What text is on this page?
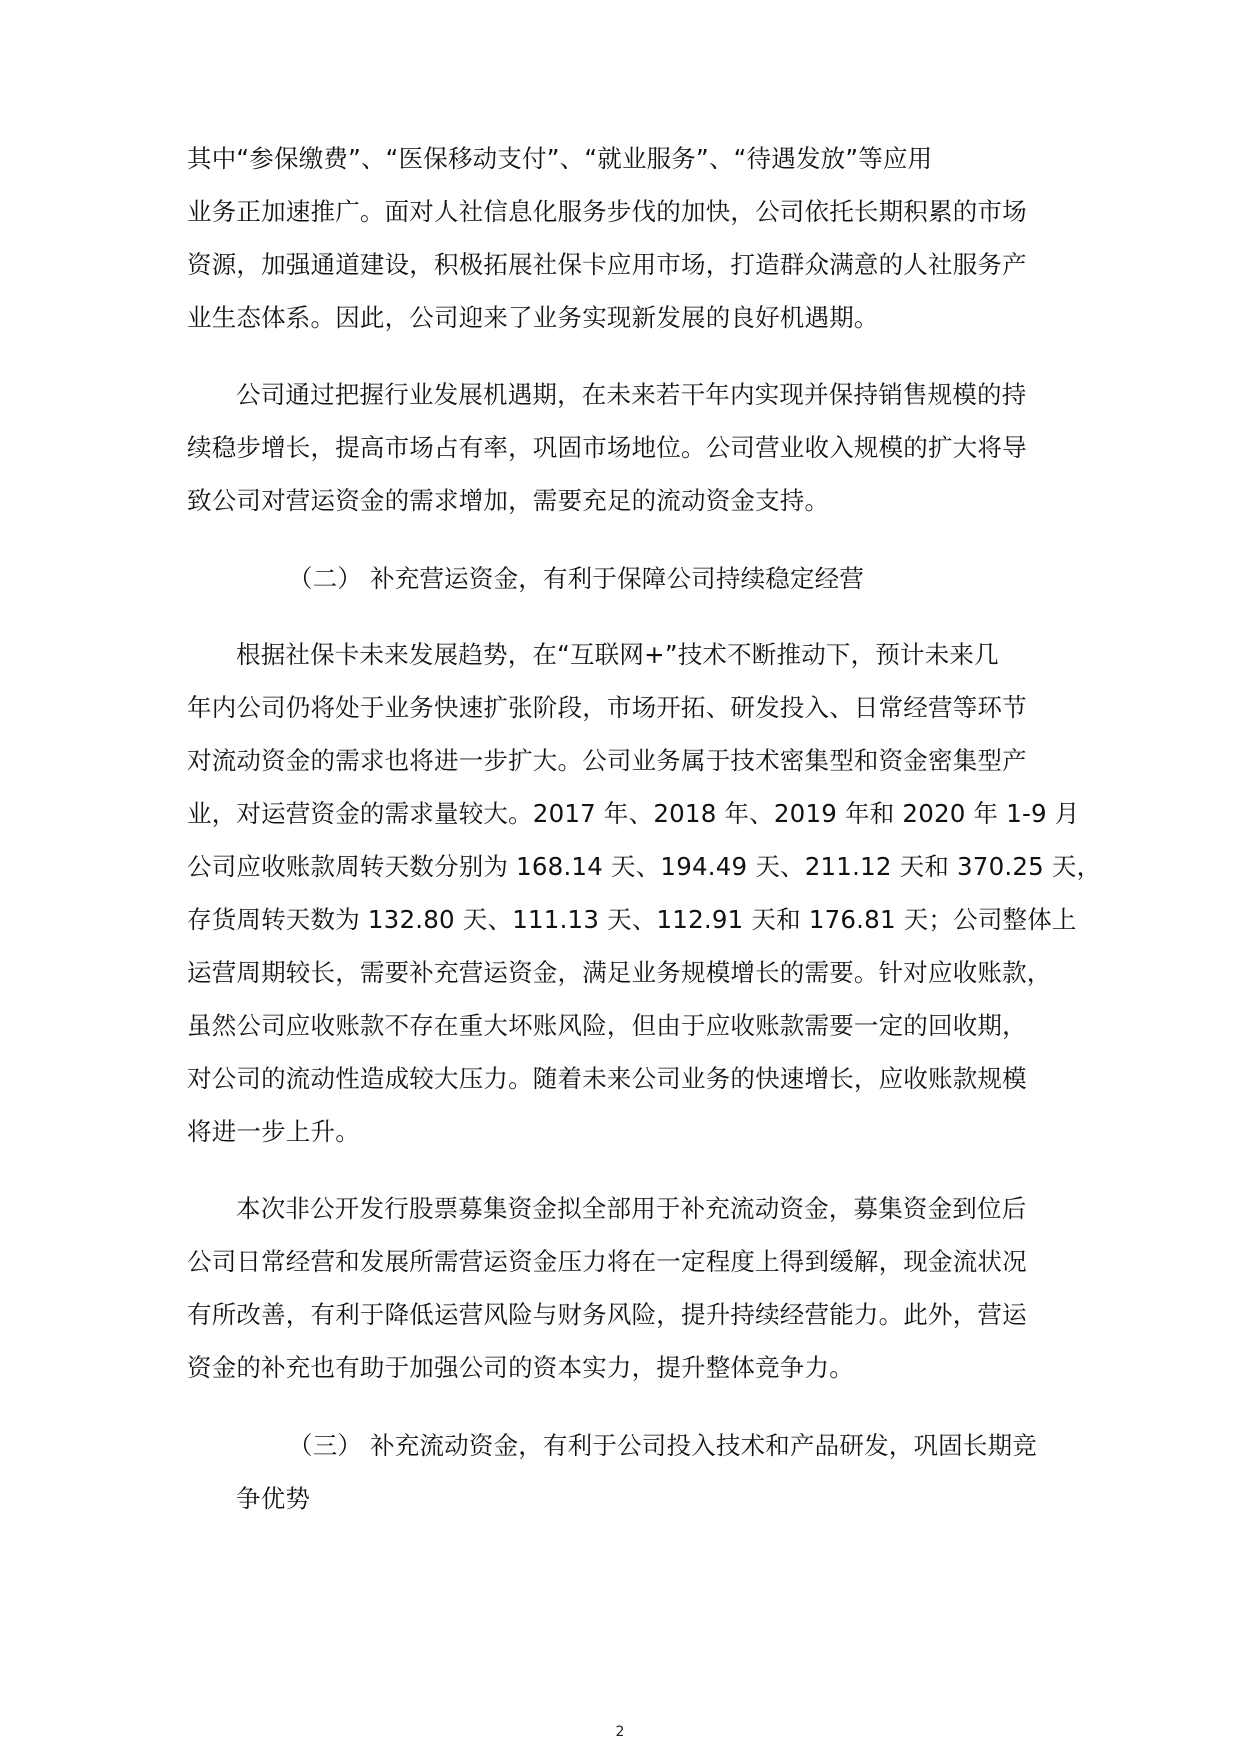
其中“参保缴费”、“医保移动支付”、“就业服务”、“待遇发放”等应用
业务正加速推广。面对人社信息化服务步伐的加快，公司依托长期积累的市场
资源，加强通道建设，积极拓展社保卡应用市场，打造群众满意的人社服务产
业生态体系。因此，公司迎来了业务实现新发展的良好机遇期。
公司通过把握行业发展机遇期，在未来若干年内实现并保持销售规模的持
续稳步增长，提高市场占有率，巩固市场地位。公司营业收入规模的扩大将导
致公司对营运资金的需求增加，需要充足的流动资金支持。
（二） 补充营运资金，有利于保障公司持续稳定经营
根据社保卡未来发展趋势，在“互联网+”技术不断推动下，预计未来几
年内公司仍将处于业务快速扩张阶段，市场开拓、研发投入、日常经营等环节
对流动资金的需求也将进一步扩大。公司业务属于技术密集型和资金密集型产
业，对运营资金的需求量较大。2017 年、2018 年、2019 年和 2020 年 1-9 月
公司应收账款周转天数分别为 168.14 天、194.49 天、211.12 天和 370.25 天，
存货周转天数为 132.80 天、111.13 天、112.91 天和 176.81 天；公司整体上
运营周期较长，需要补充营运资金，满足业务规模增长的需要。针对应收账款，
虽然公司应收账款不存在重大坏账风险，但由于应收账款需要一定的回收期，
对公司的流动性造成较大压力。随着未来公司业务的快速增长，应收账款规模
将进一步上升。
本次非公开发行股票募集资金拟全部用于补充流动资金，募集资金到位后
公司日常经营和发展所需营运资金压力将在一定程度上得到缓解，现金流状况
有所改善，有利于降低运营风险与财务风险，提升持续经营能力。此外，营运
资金的补充也有助于加强公司的资本实力，提升整体竞争力。
（三） 补充流动资金，有利于公司投入技术和产品研发，巩固长期竞
争优势
2
